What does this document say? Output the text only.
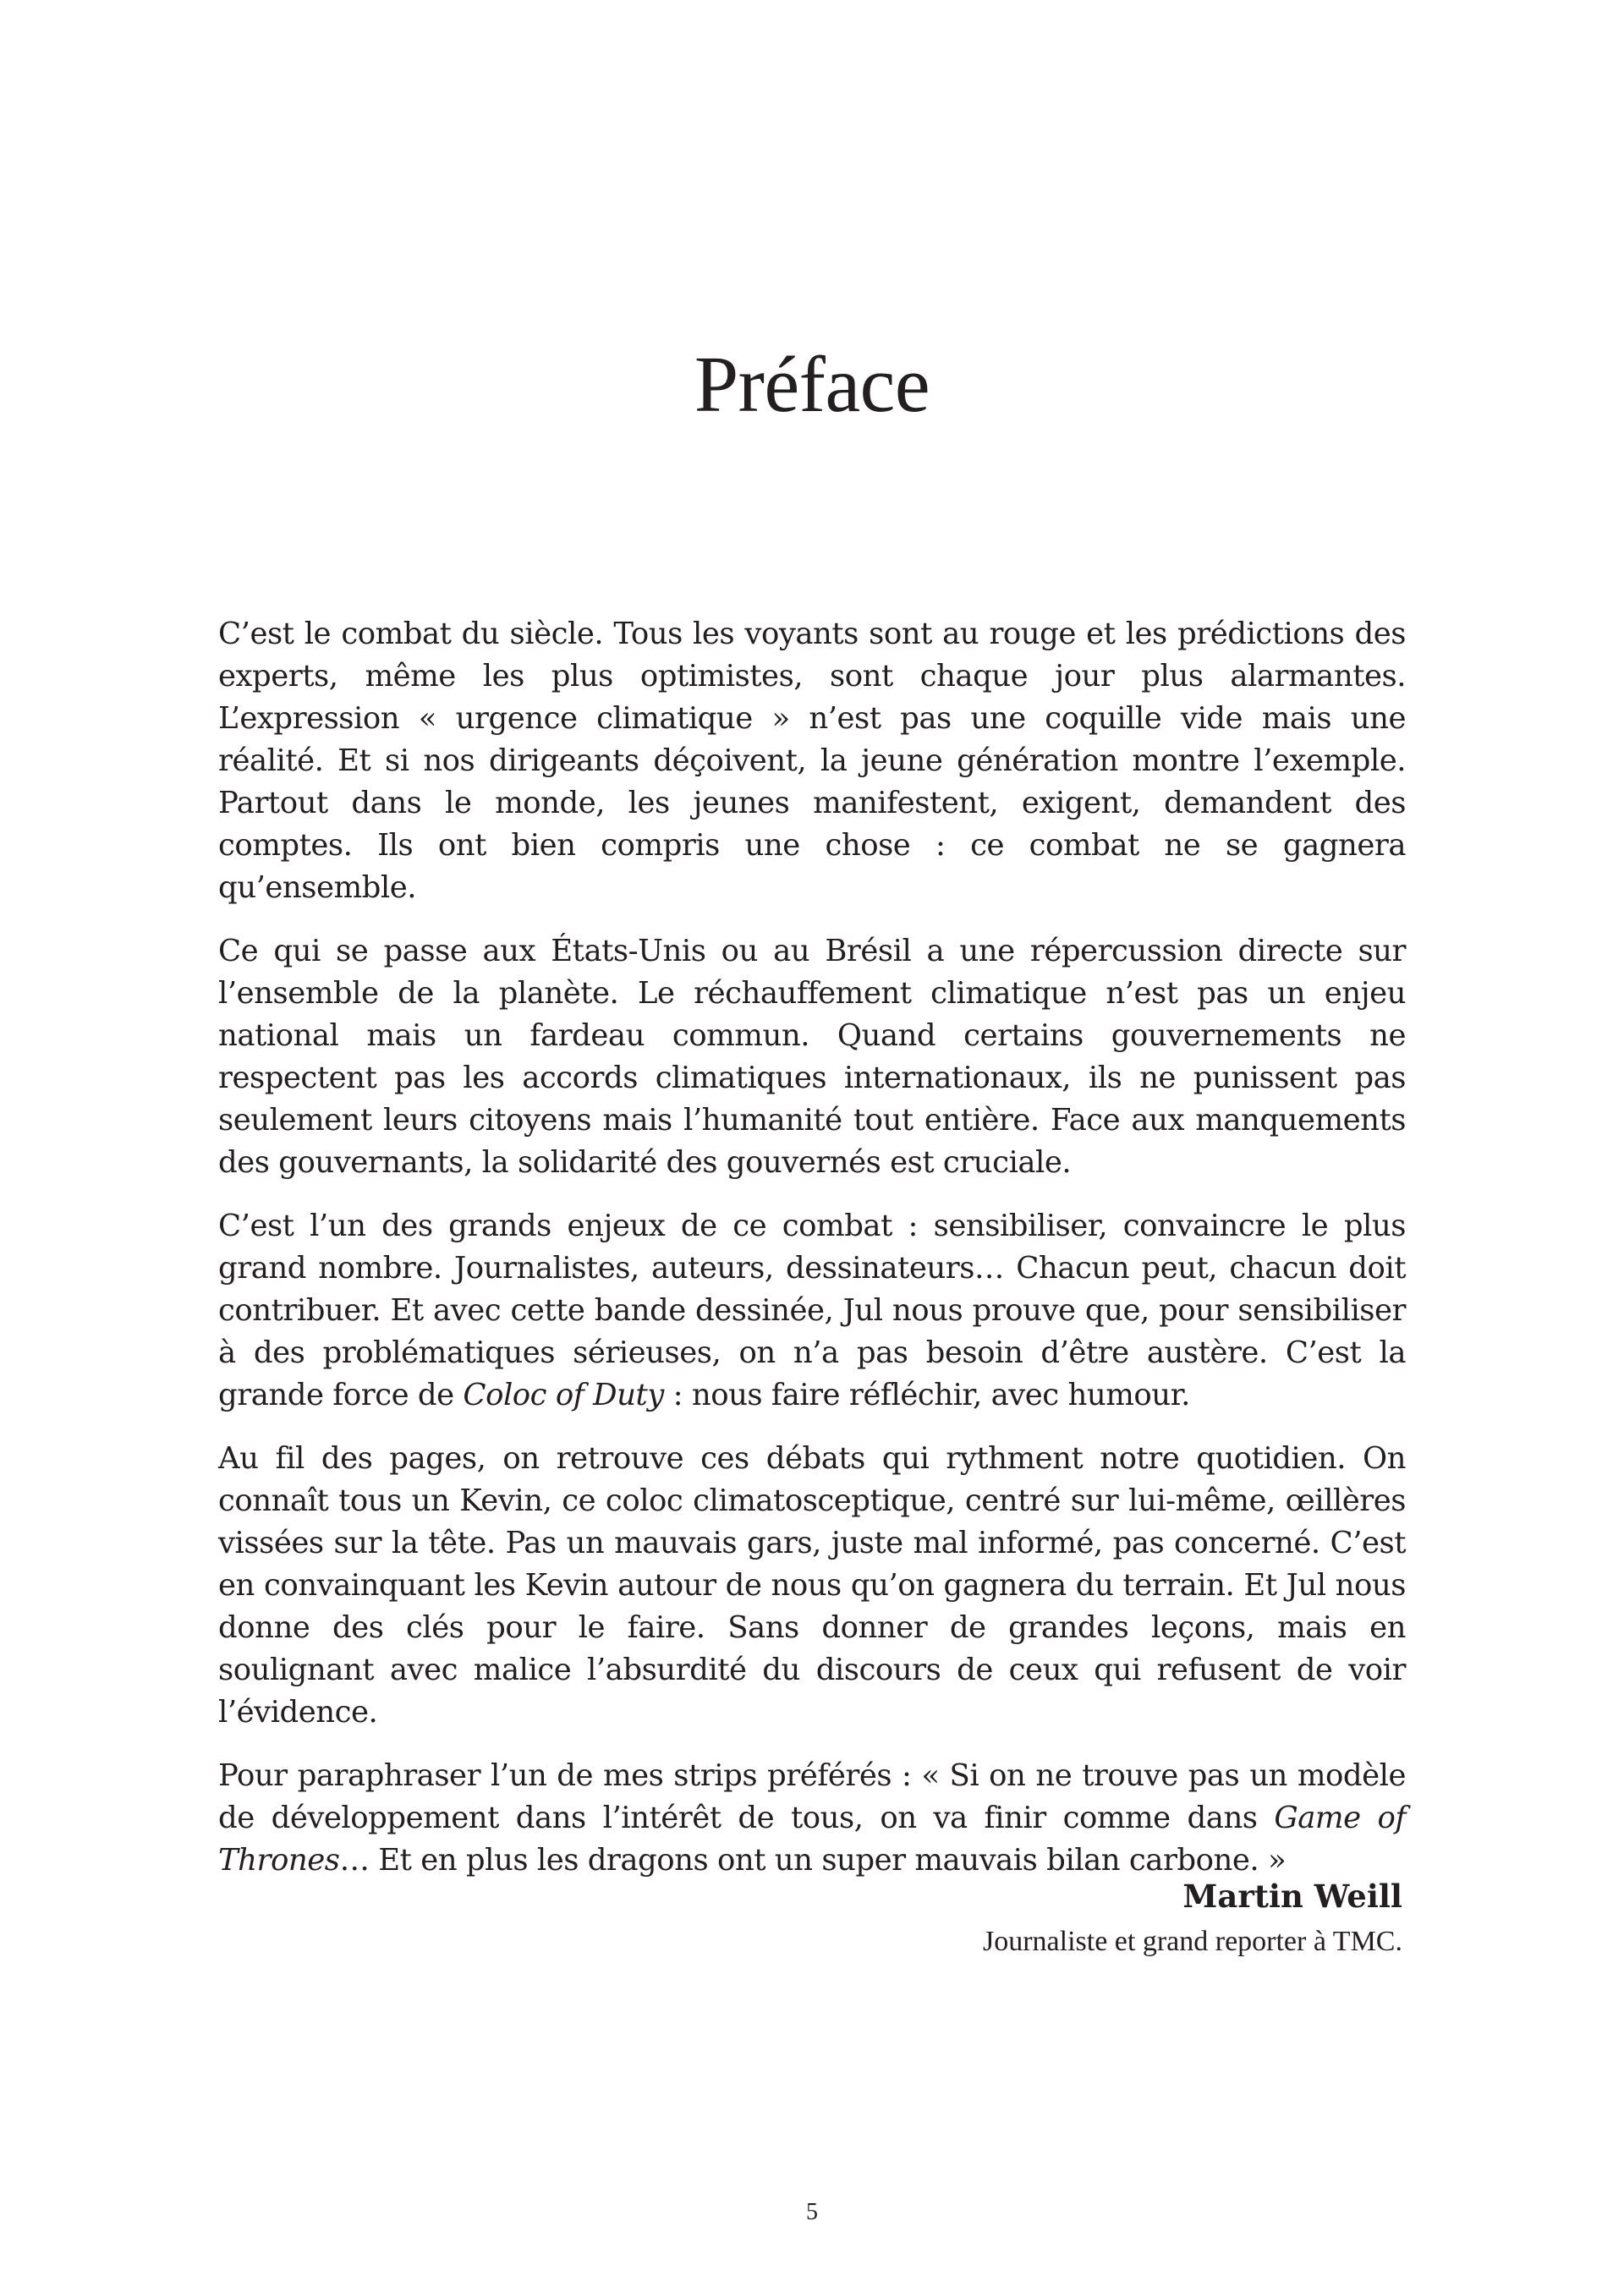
Préface

C’est le combat du siècle. Tous les voyants sont au rouge et les prédictions des experts, même les plus optimistes, sont chaque jour plus alarmantes. L’expression « urgence climatique » n’est pas une coquille vide mais une réalité. Et si nos dirigeants déçoivent, la jeune génération montre l’exemple. Partout dans le monde, les jeunes manifestent, exigent, demandent des comptes. Ils ont bien compris une chose : ce combat ne se gagnera qu’ensemble.

Ce qui se passe aux États-Unis ou au Brésil a une répercussion directe sur l’ensemble de la planète. Le réchauffement climatique n’est pas un enjeu national mais un fardeau commun. Quand certains gouvernements ne respectent pas les accords climatiques internationaux, ils ne punissent pas seulement leurs citoyens mais l’humanité tout entière. Face aux manquements des gouvernants, la solidarité des gouvernés est cruciale.

C’est l’un des grands enjeux de ce combat : sensibiliser, convaincre le plus grand nombre. Journalistes, auteurs, dessinateurs… Chacun peut, chacun doit contribuer. Et avec cette bande dessinée, Jul nous prouve que, pour sensibiliser à des problématiques sérieuses, on n’a pas besoin d’être austère. C’est la grande force de Coloc of Duty : nous faire réfléchir, avec humour.

Au fil des pages, on retrouve ces débats qui rythment notre quotidien. On connaît tous un Kevin, ce coloc climatosceptique, centré sur lui-même, œillères vissées sur la tête. Pas un mauvais gars, juste mal informé, pas concerné. C’est en convainquant les Kevin autour de nous qu’on gagnera du terrain. Et Jul nous donne des clés pour le faire. Sans donner de grandes leçons, mais en soulignant avec malice l’absurdité du discours de ceux qui refusent de voir l’évidence.

Pour paraphraser l’un de mes strips préférés : « Si on ne trouve pas un modèle de développement dans l’intérêt de tous, on va finir comme dans Game of Thrones… Et en plus les dragons ont un super mauvais bilan carbone. »

Martin Weill
Journaliste et grand reporter à TMC.
5
